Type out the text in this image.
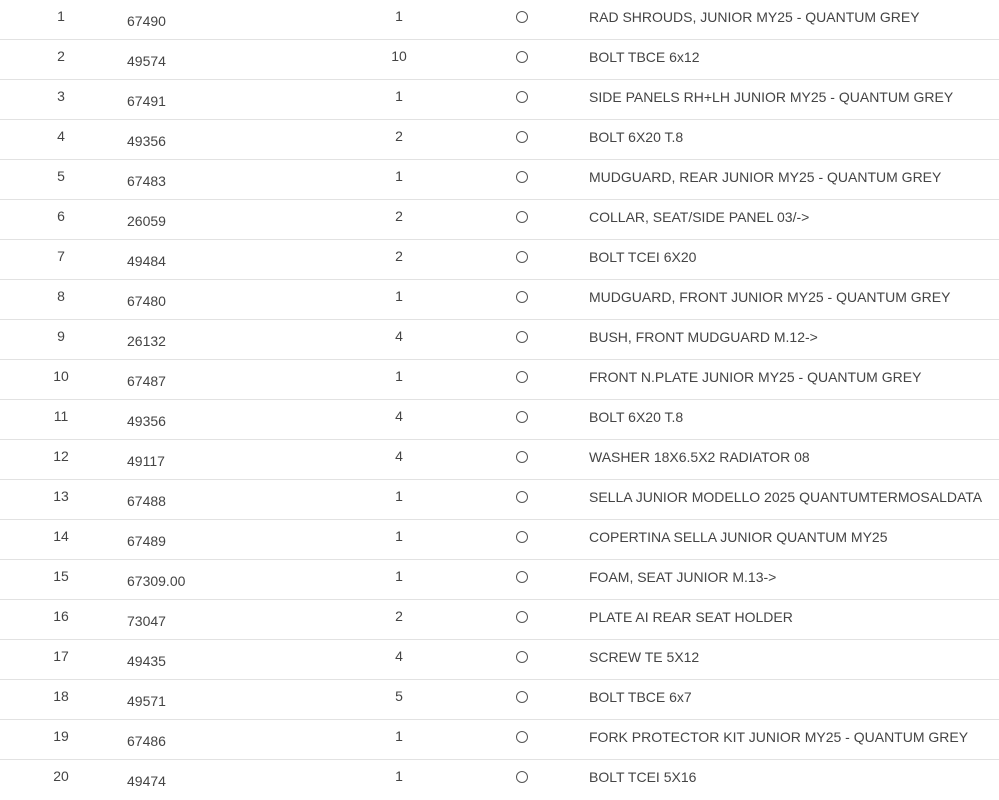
1	67490	1	RAD SHROUDS, JUNIOR MY25 - QUANTUM GREY
2	49574	10	BOLT TBCE 6x12
3	67491	1	SIDE PANELS RH+LH JUNIOR MY25 - QUANTUM GREY
4	49356	2	BOLT 6X20 T.8
5	67483	1	MUDGUARD, REAR JUNIOR MY25 - QUANTUM GREY
6	26059	2	COLLAR, SEAT/SIDE PANEL 03/->
7	49484	2	BOLT TCEI 6X20
8	67480	1	MUDGUARD, FRONT JUNIOR MY25 - QUANTUM GREY
9	26132	4	BUSH, FRONT MUDGUARD M.12->
10	67487	1	FRONT N.PLATE JUNIOR MY25 - QUANTUM GREY
11	49356	4	BOLT 6X20 T.8
12	49117	4	WASHER 18X6.5X2 RADIATOR 08
13	67488	1	SELLA JUNIOR MODELLO 2025 QUANTUMTERMOSALDATA
14	67489	1	COPERTINA SELLA JUNIOR QUANTUM MY25
15	67309.00	1	FOAM, SEAT JUNIOR M.13->
16	73047	2	PLATE AI REAR SEAT HOLDER
17	49435	4	SCREW TE 5X12
18	49571	5	BOLT TBCE 6x7
19	67486	1	FORK PROTECTOR KIT JUNIOR MY25 - QUANTUM GREY
20	49474	1	BOLT TCEI 5X16
